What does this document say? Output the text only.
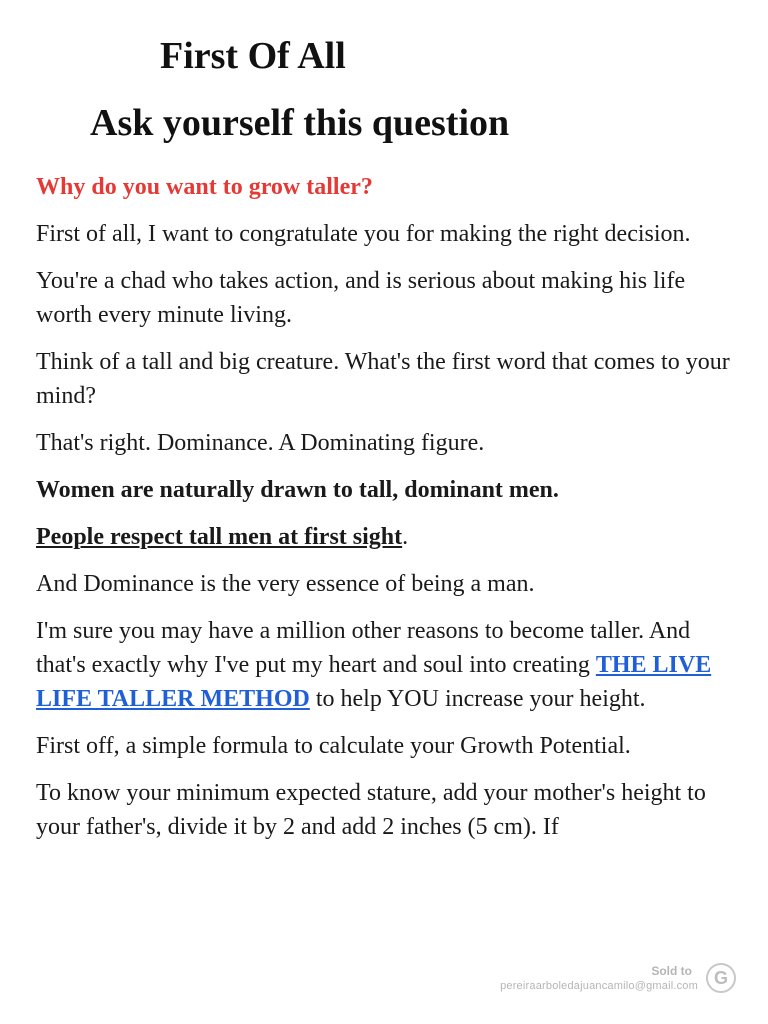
First Of All
Ask yourself this question

Why do you want to grow taller?

First of all, I want to congratulate you for making the right decision.

You're a chad who takes action, and is serious about making his life worth every minute living.

Think of a tall and big creature. What's the first word that comes to your mind?

That's right. Dominance. A Dominating figure.

Women are naturally drawn to tall, dominant men.

People respect tall men at first sight.

And Dominance is the very essence of being a man.

I'm sure you may have a million other reasons to become taller. And that's exactly why I've put my heart and soul into creating THE LIVE LIFE TALLER METHOD to help YOU increase your height.

First off, a simple formula to calculate your Growth Potential.

To know your minimum expected stature, add your mother's height to your father's, divide it by 2 and add 2 inches (5 cm). If

Sold to
pereiraarboledajuancamilo@gmail.com G
